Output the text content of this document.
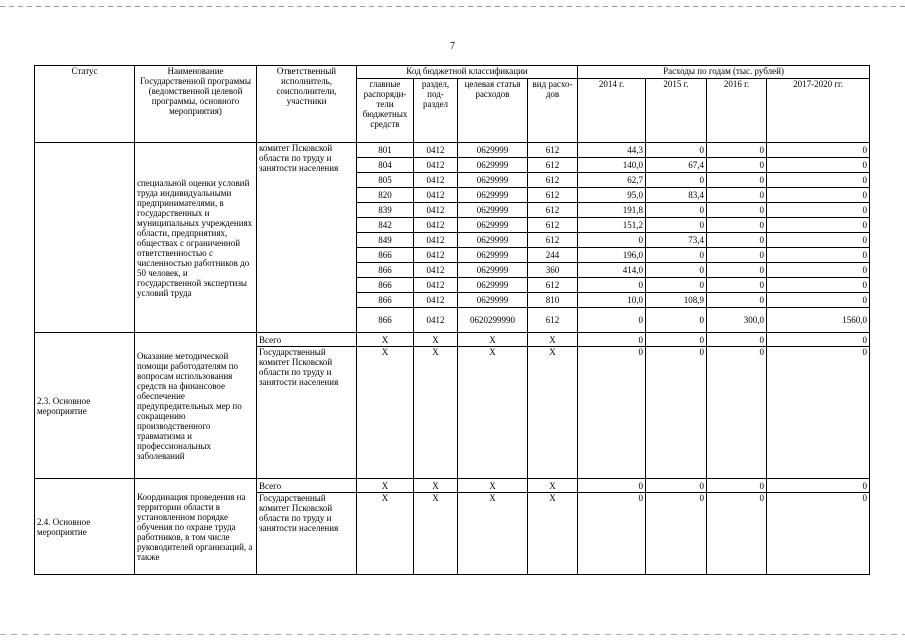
7
Статус	Наименование Государственной программы (ведомственной целевой программы, основного мероприятия)	Ответственный исполнитель, соисполнители, участники	Код бюджетной классификации				Расходы по годам (тыс. рублей)			
			главные распоряди-тели бюджетных средств	раздел, под-раздел	целевая статья расходов	вид расхо-дов	2014 г.	2015 г.	2016 г.	2017-2020 гг.
	специальной оценки условий труда индивидуальными предпринимателями, в государственных и муниципальных учреждениях области, предприятиях, обществах с ограниченной ответственностью с численностью работников до 50 человек, и государственной экспертизы условий труда	комитет Псковской области по труду и занятости населения	801	0412	0629999	612	44,3	0	0	0
			804	0412	0629999	612	140,0	67,4	0	0
			805	0412	0629999	612	62,7	0	0	0
			820	0412	0629999	612	95,0	83,4	0	0
			839	0412	0629999	612	191,8	0	0	0
			842	0412	0629999	612	151,2	0	0	0
			849	0412	0629999	612	0	73,4	0	0
			866	0412	0629999	244	196,0	0	0	0
			866	0412	0629999	360	414,0	0	0	0
			866	0412	0629999	612	0	0	0	0
			866	0412	0629999	810	10,0	108,9	0	0
			866	0412	0620299990	612	0	0	300,0	1560,0
2.3. Основное мероприятие	Оказание методической помощи работодателям по вопросам использования средств на финансовое обеспечение предупредительных мер по сокращению производственного травматизма и профессиональных заболеваний	Всего	X	X	X	X	0	0	0	0
		Государственный комитет Псковской области по труду и занятости населения	X	X	X	X	0	0	0	0
2.4. Основное мероприятие	Координация проведения на территории области в установленном порядке обучения по охране труда работников, в том числе руководителей организаций, а также	Всего	X	X	X	X	0	0	0	0
		Государственный комитет Псковской области по труду и занятости населения	X	X	X	X	0	0	0	0
